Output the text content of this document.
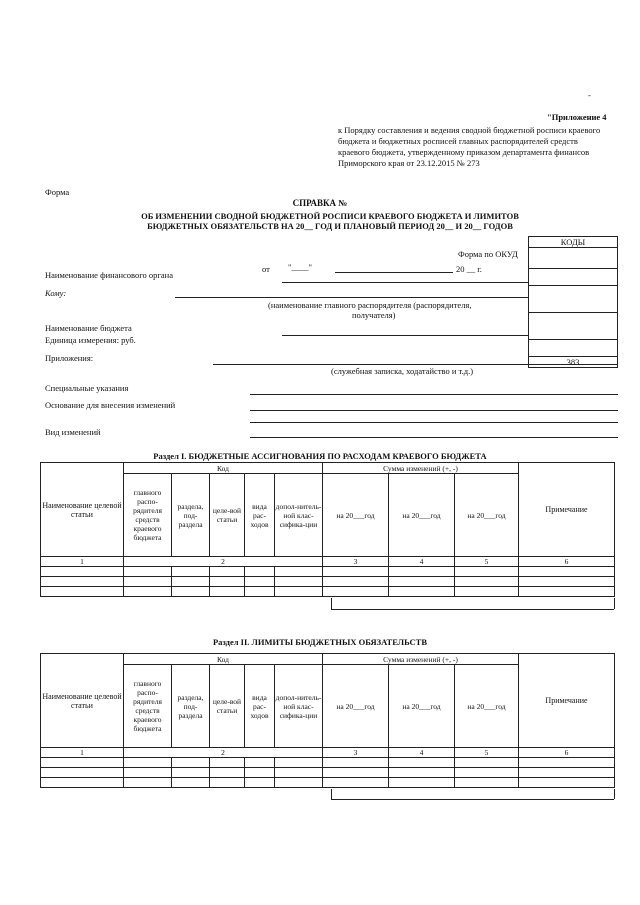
-
"Приложение 4
к Порядку составления и ведения сводной бюджетной росписи краевого бюджета и бюджетных росписей главных распорядителей средств краевого бюджета, утвержденному приказом департамента финансов Приморского края от 23.12.2015 № 273
Форма
СПРАВКА №
ОБ ИЗМЕНЕНИИ СВОДНОЙ БЮДЖЕТНОЙ РОСПИСИ КРАЕВОГО БЮДЖЕТА И ЛИМИТОВ
БЮДЖЕТНЫХ ОБЯЗАТЕЛЬСТВ НА 20__ ГОД И ПЛАНОВЫЙ ПЕРИОД 20__ И 20__ ГОДОВ
КОДЫ

383
Форма по ОКУД
от "____"	20 __ г.
Наименование финансового органа
Кому:
(наименование главного распорядителя (распорядителя,
получателя)
Наименование бюджета
Единица измерения: руб.
Приложения:
(служебная записка, ходатайство и т.д.)
Специальные указания
Основание для внесения изменений
Вид изменений
Раздел I. БЮДЖЕТНЫЕ АССИГНОВАНИЯ ПО РАСХОДАМ КРАЕВОГО БЮДЖЕТА
Наименование целевой статьи	Код					Сумма изменений (+, -)			Примечание
	главного распо-рядителя средств краевого бюджета	раздела, под-раздела	целе-вой статьи	вида рас-ходов	допол-нитель-ной клас-сифика-ции	на 20___год	на 20___год	на 20___год	
1	2					3	4	5	6

Раздел II. ЛИМИТЫ БЮДЖЕТНЫХ ОБЯЗАТЕЛЬСТВ
Наименование целевой статьи	Код					Сумма изменений (+, -)			Примечание
	главного распо-рядителя средств краевого бюджета	раздела, под-раздела	целе-вой статьи	вида рас-ходов	допол-нитель-ной клас-сифика-ции	на 20___год	на 20___год	на 20___год	
1	2					3	4	5	6
